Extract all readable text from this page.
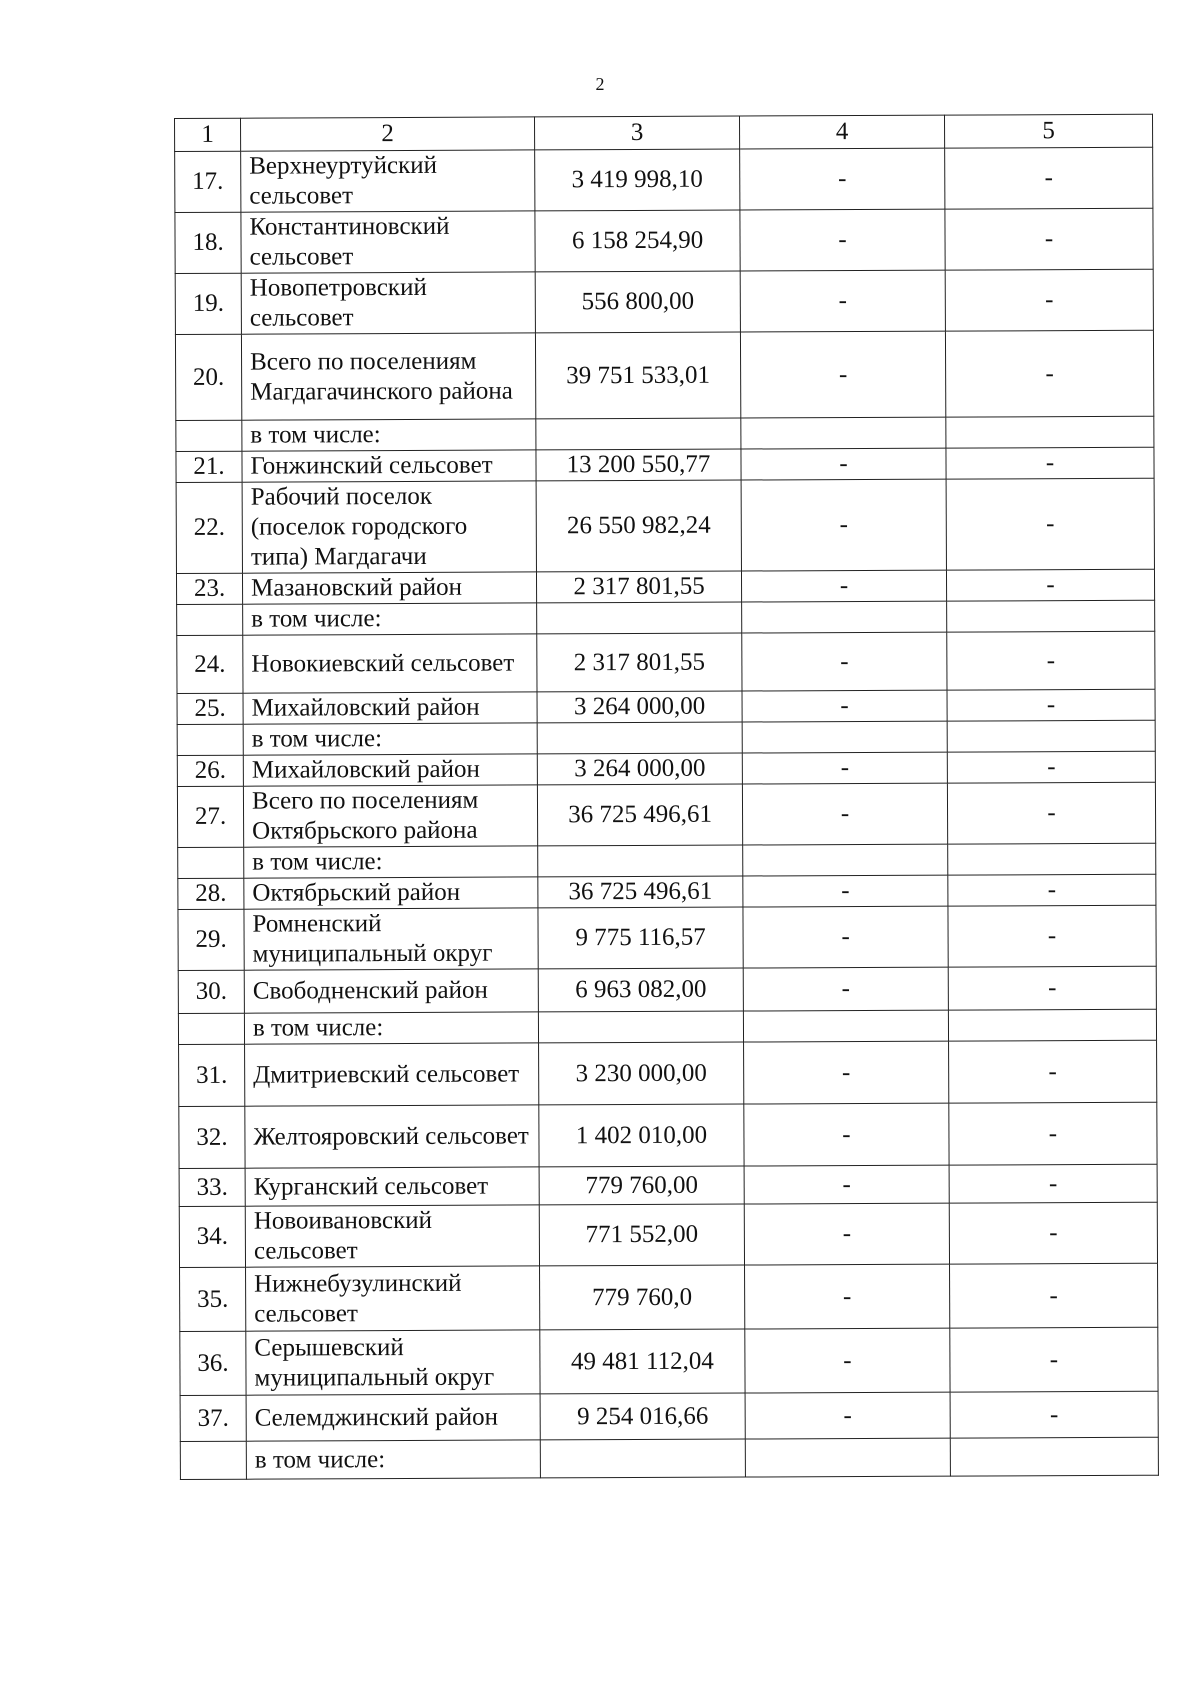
2
1	2	3	4	5
17.	Верхнеуртуйский сельсовет	3 419 998,10	-	-
18.	Константиновский сельсовет	6 158 254,90	-	-
19.	Новопетровский сельсовет	556 800,00	-	-
20.	Всего по поселениям Магдагачинского района	39 751 533,01	-	-
	в том числе:			
21.	Гонжинский сельсовет	13 200 550,77	-	-
22.	Рабочий поселок (поселок городского типа) Магдагачи	26 550 982,24	-	-
23.	Мазановский район	2 317 801,55	-	-
	в том числе:			
24.	Новокиевский сельсовет	2 317 801,55	-	-
25.	Михайловский район	3 264 000,00	-	-
	в том числе:			
26.	Михайловский район	3 264 000,00	-	-
27.	Всего по поселениям Октябрьского района	36 725 496,61	-	-
	в том числе:			
28.	Октябрьский район	36 725 496,61	-	-
29.	Ромненский муниципальный округ	9 775 116,57	-	-
30.	Свободненский район	6 963 082,00	-	-
	в том числе:			
31.	Дмитриевский сельсовет	3 230 000,00	-	-
32.	Желтояровский сельсовет	1 402 010,00	-	-
33.	Курганский сельсовет	779 760,00	-	-
34.	Новоивановский сельсовет	771 552,00	-	-
35.	Нижнебузулинский сельсовет	779 760,0	-	-
36.	Серышевский муниципальный округ	49 481 112,04	-	-
37.	Селемджинский район	9 254 016,66	-	-
	в том числе:			
